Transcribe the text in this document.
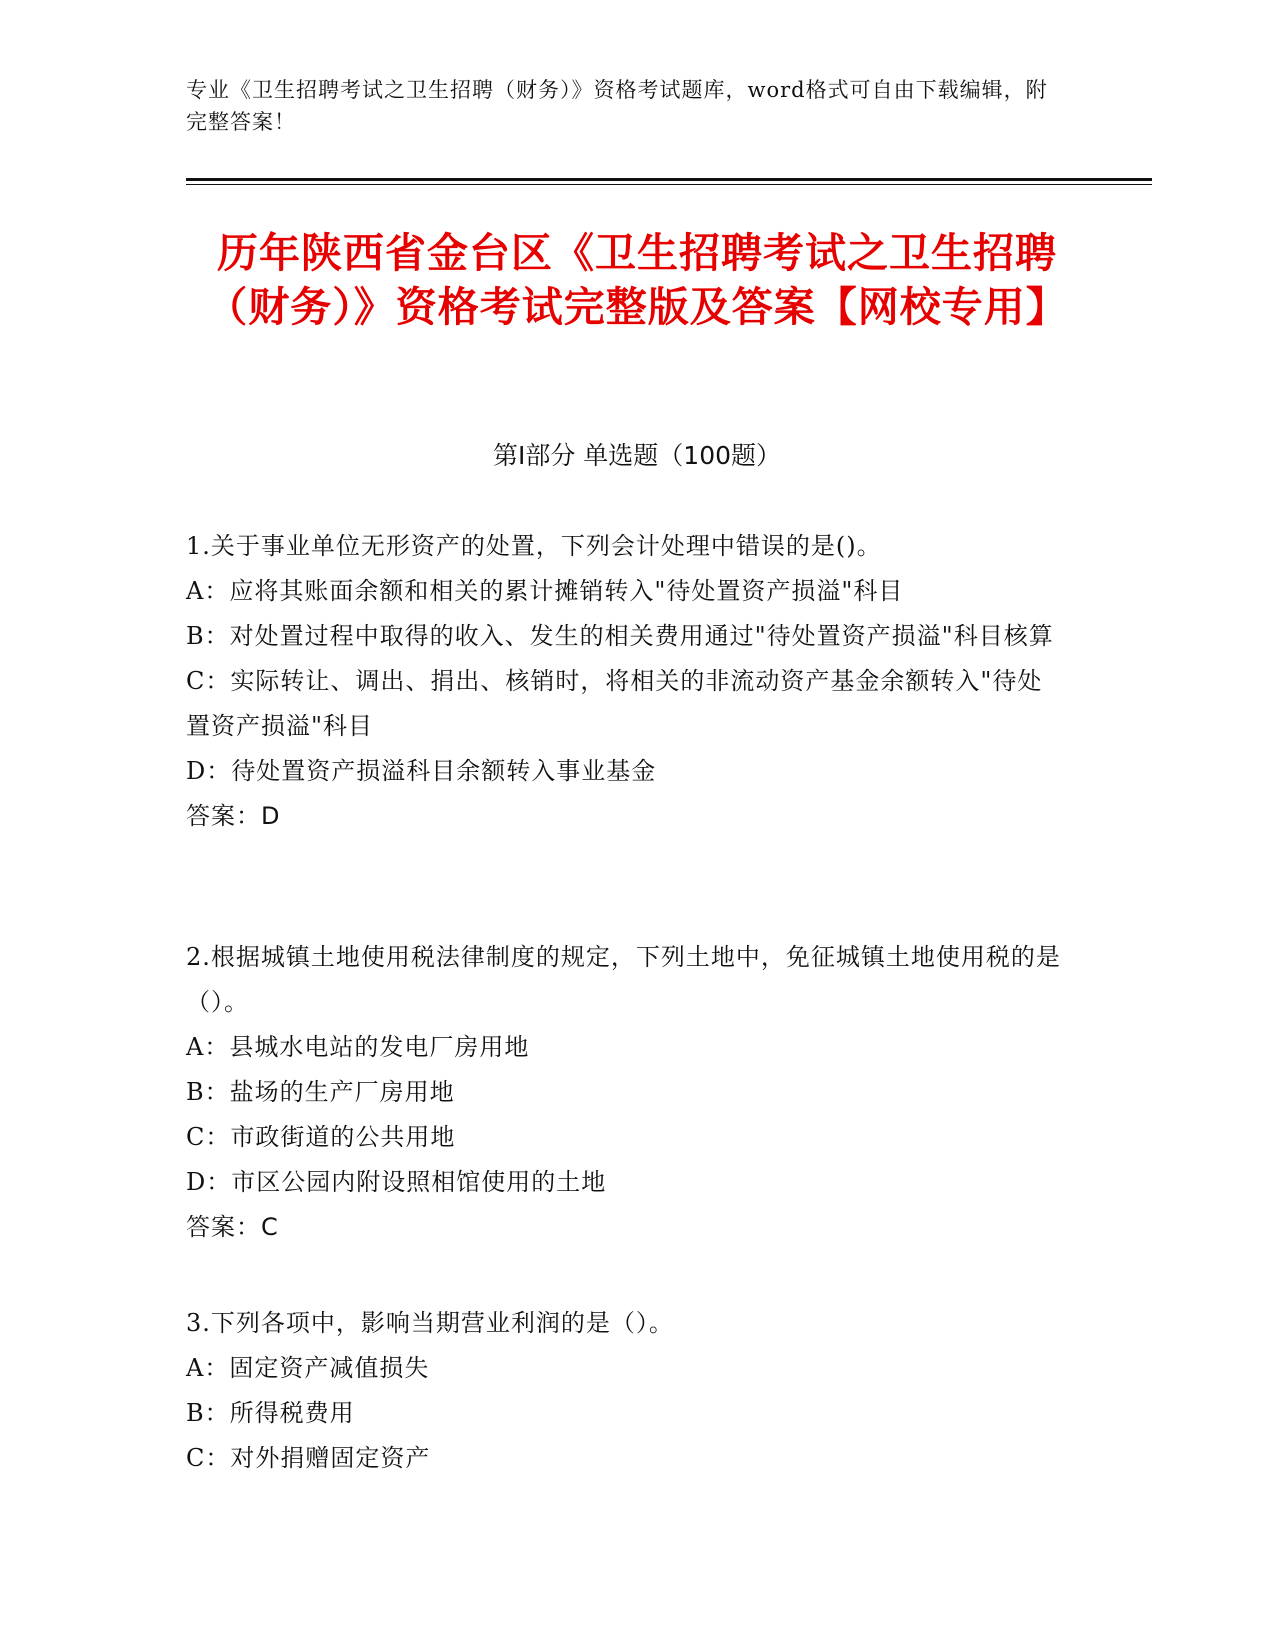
专业《卫生招聘考试之卫生招聘（财务）》资格考试题库，word格式可自由下载编辑，附完整答案！
历年陕西省金台区《卫生招聘考试之卫生招聘（财务）》资格考试完整版及答案【网校专用】
第Ⅰ部分 单选题（100题）

1.关于事业单位无形资产的处置，下列会计处理中错误的是()。

A：应将其账面余额和相关的累计摊销转入"待处置资产损溢"科目

B：对处置过程中取得的收入、发生的相关费用通过"待处置资产损溢"科目核算

C：实际转让、调出、捐出、核销时，将相关的非流动资产基金余额转入"待处置资产损溢"科目

D：待处置资产损溢科目余额转入事业基金

答案：D

2.根据城镇土地使用税法律制度的规定，下列土地中，免征城镇土地使用税的是（）。

A：县城水电站的发电厂房用地

B：盐场的生产厂房用地

C：市政街道的公共用地

D：市区公园内附设照相馆使用的土地

答案：C

3.下列各项中，影响当期营业利润的是（）。

A：固定资产减值损失

B：所得税费用

C：对外捐赠固定资产
